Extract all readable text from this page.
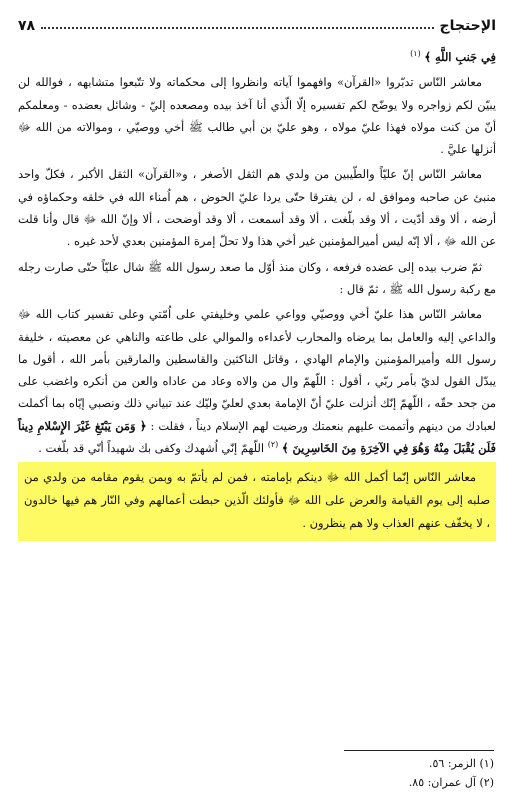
الإحتجاج
٧٨

فِي جَنبِ اللَّهِ ﴾ $^{(١)}$

معاشر النّاس تدبّروا «القرآن» وافهموا آياته وانظروا إلى محكماته ولا تتّبعوا متشابهه ، فوالله لن يبيّن لكم زواجره ولا يوضّح لكم تفسيره إلّا الّذي أنا آخذ بيده ومصعده إليّ - وشائل بعضده - ومعلمكم أنّ من كنت مولاه فهذا عليّ مولاه ، وهو عليّ بن أبي طالب ﷺ أخي ووصيّي ، وموالاته من الله ﷻ أنزلها عليَّ .

معاشر النّاس إنّ عليّاً والطّيبين من ولدي هم الثقل الأصغر ، و«القرآن» الثقل الأكبر ، فكلّ واحد منبئ عن صاحبه وموافق له ، لن يفترقا حتّى يردا عليّ الحوض ، هم اُمناء الله في خلقه وحكماؤه في أرضه ، ألا وقد أدّيت ، ألا وقد بلّغت ، ألا وقد أسمعت ، ألا وقد أوضحت ، ألا وإنّ الله ﷻ قال وأنا قلت عن الله ﷻ ، ألا إنّه ليس أميرالمؤمنين غير أخي هذا ولا تحلّ إمرة المؤمنين بعدي لأحد غيره .

ثمّ ضرب بيده إلى عضده فرفعه ، وكان منذ أوّل ما صعد رسول الله ﷺ شال عليّاً حتّى صارت رجله مع ركبة رسول الله ﷺ ، ثمّ قال :

معاشر النّاس هذا عليّ أخي ووصيّي وواعي علمي وخليفتي على اُمّتي وعلى تفسير كتاب الله ﷻ والداعي إليه والعامل بما يرضاه والمحارب لأعداءه والموالي على طاعته والناهي عن معصيته ، خليفة رسول الله وأميرالمؤمنين والإمام الهادي ، وقاتل الناكثين والقاسطين والمارقين بأمر الله ، أقول ما يبدّل القول لديّ بأمر ربّي ، أقول : اللّهمّ وال من والاه وعاد من عاداه والعن من أنكره واغضب على من جحد حقّه ، اللّهمّ إنّك أنزلت عليّ أنّ الإمامة بعدي لعليّ وليّك عند تبياني ذلك ونصبي إيّاه بما أكملت لعبادك من دينهم وأتممت عليهم بنعمتك ورضيت لهم الإسلام ديناً ، فقلت : ﴿ وَمَن يَبْتَغِ غَيْرَ الإِسْلامِ دِيناً فَلَن يُقْبَلَ مِنْهُ وَهُوَ فِي الآخِرَةِ مِنَ الخَاسِرِينَ ﴾ $^{(٢)}$ اللّهمّ إنّي اُشهدك وكفى بك شهيداً أنّي قد بلّغت .

معاشر النّاس إنّما أكمل الله ﷻ دينكم بإمامته ، فمن لم يأتمّ به وبمن يقوم مقامه من ولدي من صلبه إلى يوم القيامة والعرض على الله ﷻ فأولئك الّذين حبطت أعمالهم وفي النّار هم فيها خالدون ، لا يخفّف عنهم العذاب ولا هم ينظرون .

(١) الزمر: ٥٦.

(٢) آل عمران: ٨٥.
